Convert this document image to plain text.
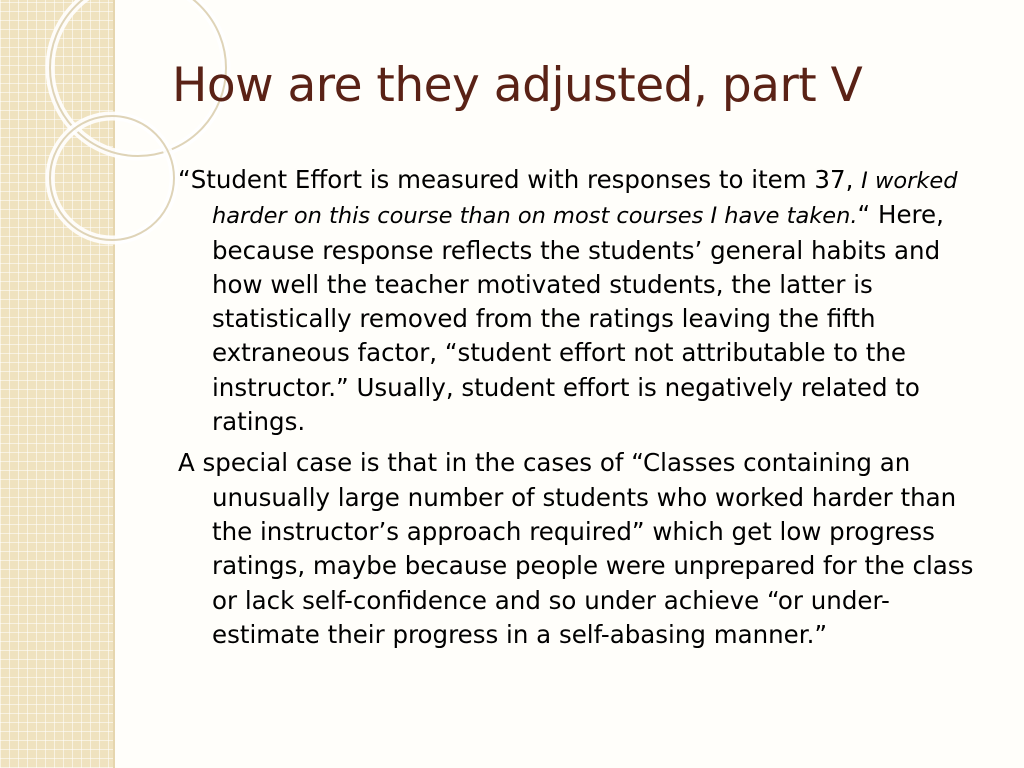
How are they adjusted, part V

“Student Effort is measured with responses to item 37, I worked harder on this course than on most courses I have taken.“ Here, because response reflects the students’ general habits and how well the teacher motivated students, the latter is statistically removed from the ratings leaving the fifth extraneous factor, “student effort not attributable to the instructor.” Usually, student effort is negatively related to ratings.

A special case is that in the cases of “Classes containing an unusually large number of students who worked harder than the instructor’s approach required” which get low progress ratings, maybe because people were unprepared for the class or lack self-confidence and so under achieve “or under-estimate their progress in a self-abasing manner.”
